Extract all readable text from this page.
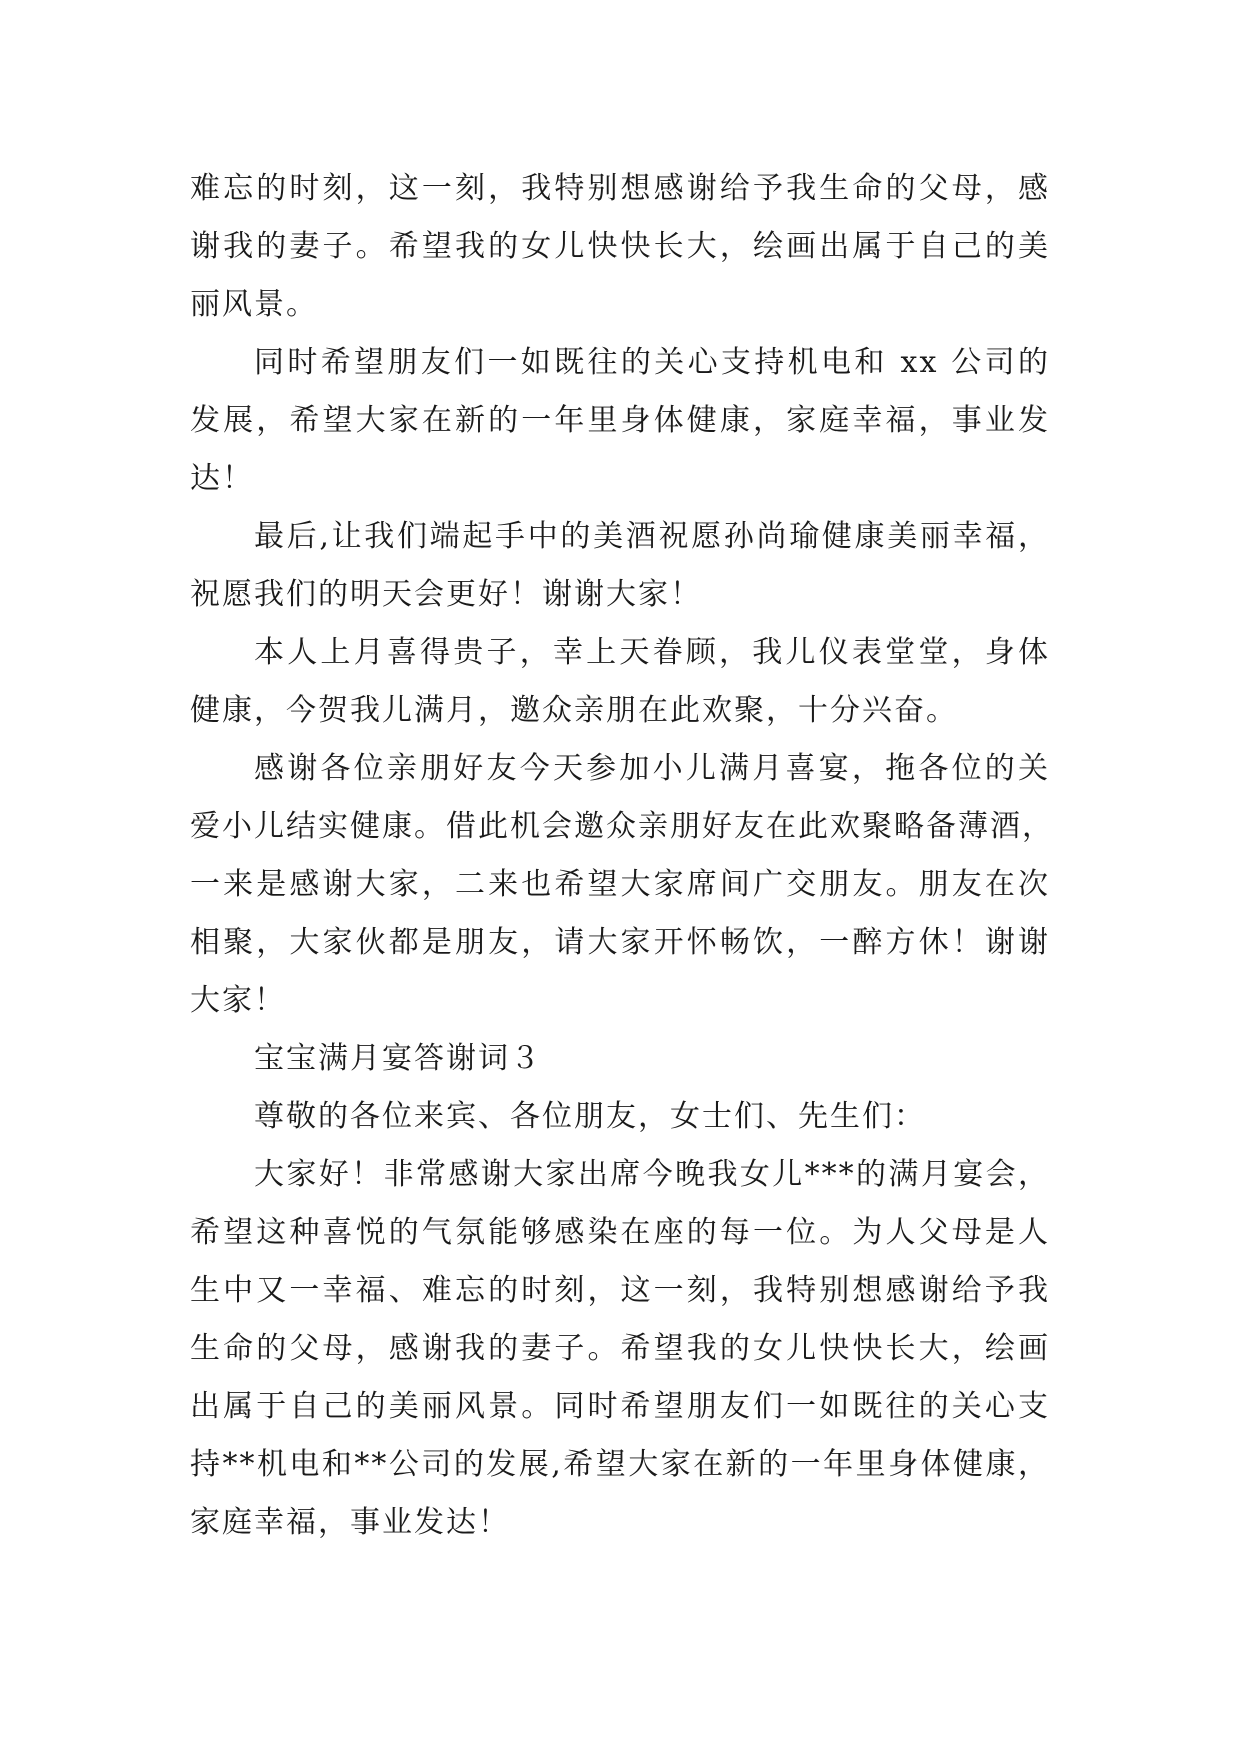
难忘的时刻，这一刻，我特别想感谢给予我生命的父母，感
谢我的妻子。希望我的女儿快快长大，绘画出属于自己的美
丽风景。
同时希望朋友们一如既往的关心支持机电和 xx 公司的
发展，希望大家在新的一年里身体健康，家庭幸福，事业发
达！
最后,让我们端起手中的美酒祝愿孙尚瑜健康美丽幸福，
祝愿我们的明天会更好！谢谢大家！
本人上月喜得贵子，幸上天眷顾，我儿仪表堂堂，身体
健康，今贺我儿满月，邀众亲朋在此欢聚，十分兴奋。
感谢各位亲朋好友今天参加小儿满月喜宴，拖各位的关
爱小儿结实健康。借此机会邀众亲朋好友在此欢聚略备薄酒，
一来是感谢大家，二来也希望大家席间广交朋友。朋友在次
相聚，大家伙都是朋友，请大家开怀畅饮，一醉方休！谢谢
大家！
宝宝满月宴答谢词３
尊敬的各位来宾、各位朋友，女士们、先生们：
大家好！非常感谢大家出席今晚我女儿***的满月宴会，
希望这种喜悦的气氛能够感染在座的每一位。为人父母是人
生中又一幸福、难忘的时刻，这一刻，我特别想感谢给予我
生命的父母，感谢我的妻子。希望我的女儿快快长大，绘画
出属于自己的美丽风景。同时希望朋友们一如既往的关心支
持**机电和**公司的发展,希望大家在新的一年里身体健康，
家庭幸福，事业发达！
